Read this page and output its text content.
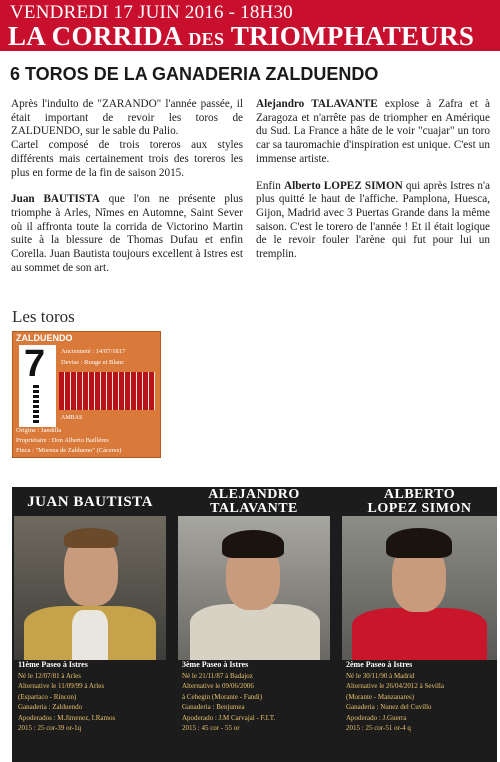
VENDREDI 17 JUIN 2016 - 18H30
LA CORRIDA DES TRIOMPHATEURS
6 TOROS DE LA GANADERIA ZALDUENDO

Après l'indulto de "ZARANDO" l'année passée, il était important de revoir les toros de ZALDUENDO, sur le sable du Palio.
Cartel composé de trois toreros aux styles différents mais certainement trois des toreros les plus en forme de la fin de saison 2015.

Juan BAUTISTA que l'on ne présente plus triomphe à Arles, Nîmes en Automne, Saint Sever où il affronta toute la corrida de Victorino Martin suite à la blessure de Thomas Dufau et enfin Corella. Juan Bautista toujours excellent à Istres est au sommet de son art.

Alejandro TALAVANTE explose à Zafra et à Zaragoza et n'arrête pas de triompher en Amérique du Sud. La France a hâte de le voir "cuajar" un toro car sa tauromachie d'inspiration est unique. C'est un immense artiste.

Enfin Alberto LOPEZ SIMON qui après Istres n'a plus quitté le haut de l'affiche. Pamplona, Huesca, Gijon, Madrid avec 3 Puertas Grande dans la même saison. C'est le torero de l'année ! Et il était logique de le revoir fouler l'arène qui fut pour lui un tremplin.

Les toros
ZALDUENDO
7 Ancienneté : 14/07/1817
Devise : Rouge et Blanc
AMBAS
Origine : Jandilla
Propriétaire : Don Alberto Baillères
Finca : "Morena de Zaldueno" (Cáceres)
JUAN BAUTISTA	ALEJANDRO
TALAVANTE
ALBERTO
LOPEZ SIMON
11ème Paseo à Istres
Né le 12/07/81 à Arles
Alternative le 11/09/99 à Arles
(Espartaco - Rincon)
Ganaderia : Zalduendo
Apoderados : M.Jimenez, I.Ramos
2015 : 25 cor-39 or-1q
3ème Paseo à Istres
Né le 21/11/87 à Badajoz
Alternative le 09/06/2006
à Cehegin (Morante - Fandi)
Ganaderia : Benjumea
Apoderado : J.M Carvajal - F.I.T.
2015 : 45 cor - 55 or
2ème Paseo à Istres
Né le 30/11/90 à Madrid
Alternative le 26/04/2012 à Sevilla
(Morante - Manzanares)
Ganaderia : Nunez del Cuvillo
Apoderado : J.Guerra
2015 : 25 cor-51 or-4 q
